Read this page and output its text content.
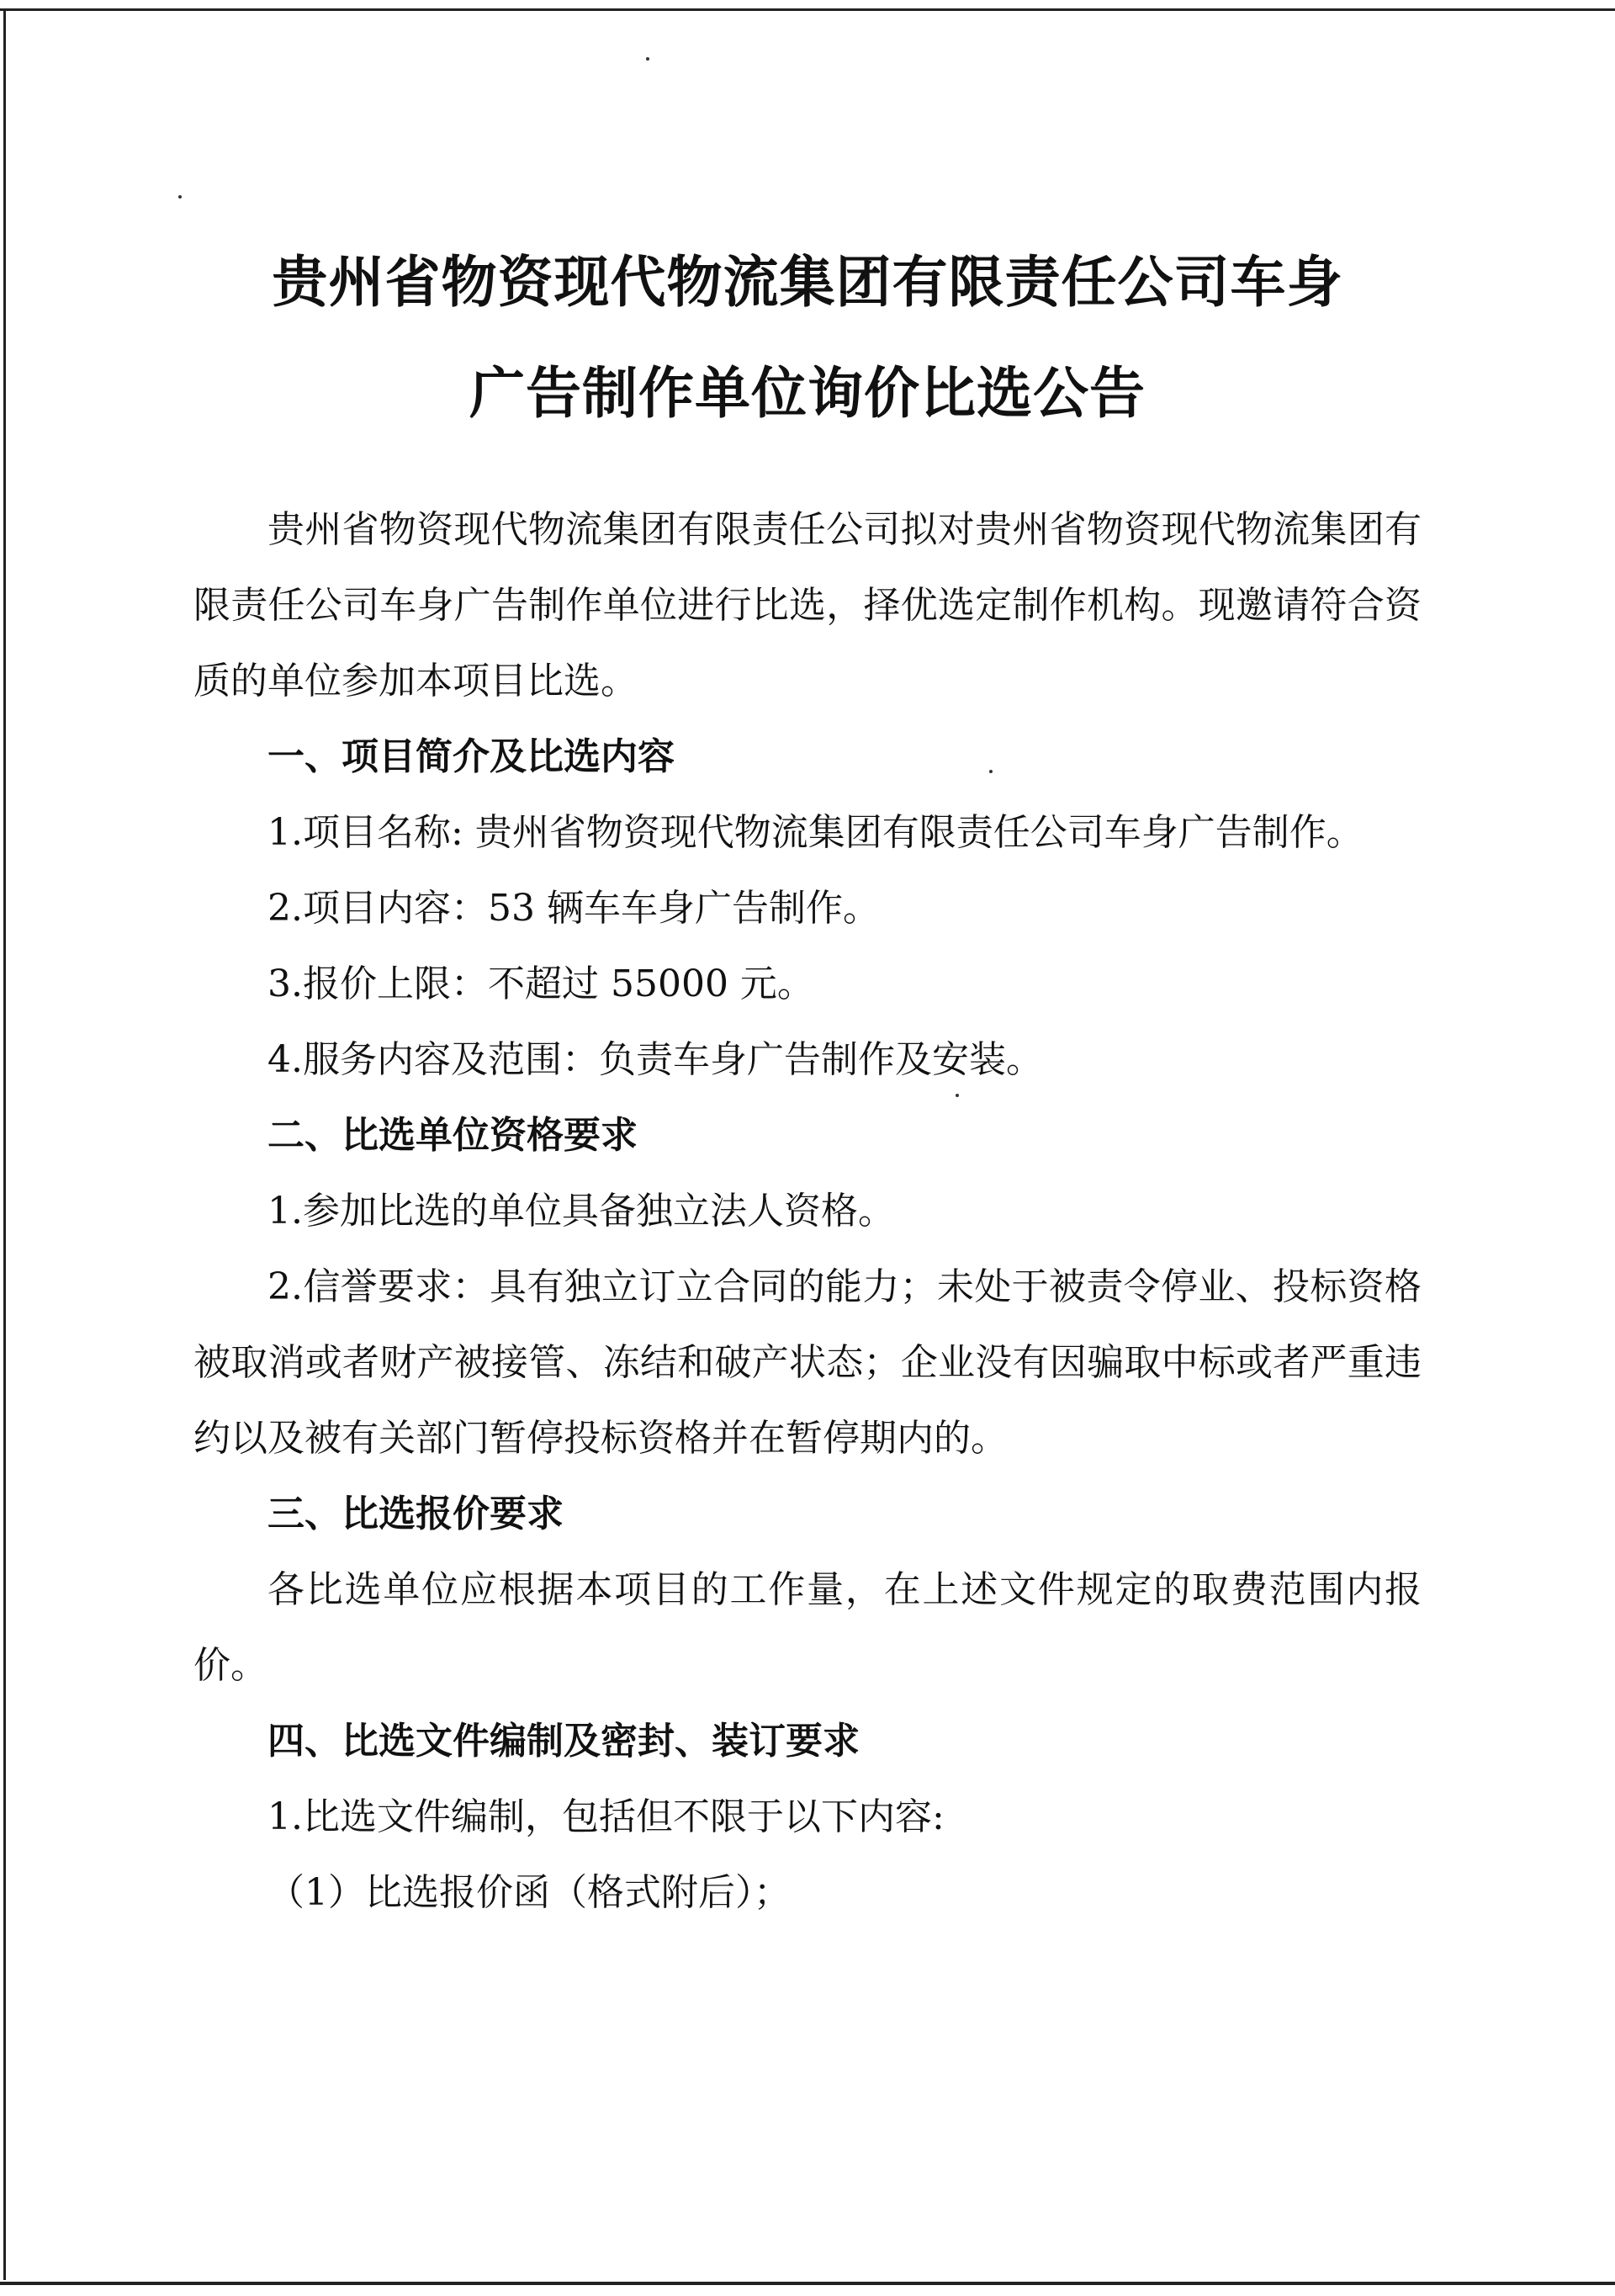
贵州省物资现代物流集团有限责任公司车身
广告制作单位询价比选公告

贵州省物资现代物流集团有限责任公司拟对贵州省物资现代物流集团有限责任公司车身广告制作单位进行比选，择优选定制作机构。现邀请符合资质的单位参加本项目比选。

一、项目简介及比选内容

1.项目名称: 贵州省物资现代物流集团有限责任公司车身广告制作。

2.项目内容：53 辆车车身广告制作。

3.报价上限：不超过 55000 元。

4.服务内容及范围：负责车身广告制作及安装。

二、比选单位资格要求

1.参加比选的单位具备独立法人资格。

2.信誉要求：具有独立订立合同的能力；未处于被责令停业、投标资格被取消或者财产被接管、冻结和破产状态；企业没有因骗取中标或者严重违约以及被有关部门暂停投标资格并在暂停期内的。

三、比选报价要求

各比选单位应根据本项目的工作量，在上述文件规定的取费范围内报价。

四、比选文件编制及密封、装订要求

1.比选文件编制，包括但不限于以下内容:

（1）比选报价函（格式附后）；
